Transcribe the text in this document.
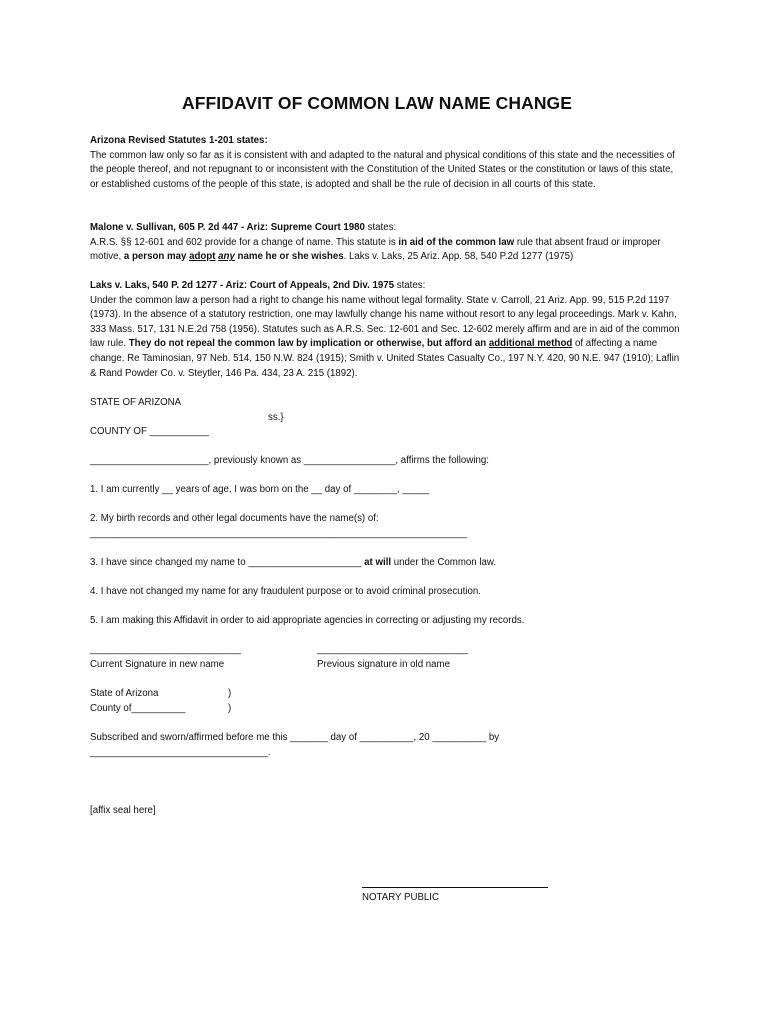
AFFIDAVIT OF COMMON LAW NAME CHANGE

Arizona Revised Statutes 1-201 states:

The common law only so far as it is consistent with and adapted to the natural and physical conditions of this state and the necessities of the people thereof, and not repugnant to or inconsistent with the Constitution of the United States or the constitution or laws of this state, or established customs of the people of this state, is adopted and shall be the rule of decision in all courts of this state.

Malone v. Sullivan, 605 P. 2d 447 - Ariz: Supreme Court 1980 states:

A.R.S. §§ 12-601 and 602 provide for a change of name. This statute is in aid of the common law rule that absent fraud or improper motive, a person may adopt any name he or she wishes. Laks v. Laks, 25 Ariz. App. 58, 540 P.2d 1277 (1975)

Laks v. Laks, 540 P. 2d 1277 - Ariz: Court of Appeals, 2nd Div. 1975 states:

Under the common law a person had a right to change his name without legal formality. State v. Carroll, 21 Ariz. App. 99, 515 P.2d 1197 (1973). In the absence of a statutory restriction, one may lawfully change his name without resort to any legal proceedings. Mark v. Kahn, 333 Mass. 517, 131 N.E.2d 758 (1956). Statutes such as A.R.S. Sec. 12-601 and Sec. 12-602 merely affirm and are in aid of the common law rule. They do not repeal the common law by implication or otherwise, but afford an additional method of affecting a name change. Re Taminosian, 97 Neb. 514, 150 N.W. 824 (1915); Smith v. United States Casualty Co., 197 N.Y. 420, 90 N.E. 947 (1910); Laflin & Rand Powder Co. v. Steytler, 146 Pa. 434, 23 A. 215 (1892).

STATE OF ARIZONA
ss.}
COUNTY OF ___________
______________________, previously known as _________________, affirms the following:
1. I am currently __ years of age, I was born on the __ day of ________, _____
2. My birth records and other legal documents have the name(s) of:
______________________________________________________________________
3. I have since changed my name to _____________________ at will under the Common law.
4. I have not changed my name for any fraudulent purpose or to avoid criminal prosecution.
5. I am making this Affidavit in order to aid appropriate agencies in correcting or adjusting my records.
____________________________
Current Signature in new name
____________________________
Previous signature in old name
State of Arizona	)
County of__________	)
Subscribed and sworn/affirmed before me this _______ day of __________, 20 __________ by
_________________________________.
[affix seal here]
NOTARY PUBLIC
